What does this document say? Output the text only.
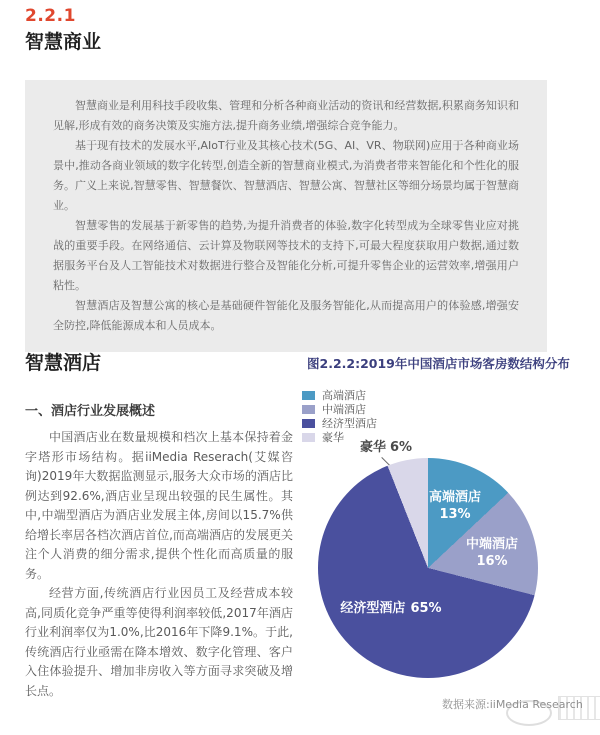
2.2.1
智慧商业

智慧商业是利用科技手段收集、管理和分析各种商业活动的资讯和经营数据,积累商务知识和见解,形成有效的商务决策及实施方法,提升商务业绩,增强综合竞争能力。

基于现有技术的发展水平,AIoT行业及其核心技术(5G、AI、VR、物联网)应用于各种商业场景中,推动各商业领域的数字化转型,创造全新的智慧商业模式,为消费者带来智能化和个性化的服务。广义上来说,智慧零售、智慧餐饮、智慧酒店、智慧公寓、智慧社区等细分场景均属于智慧商业。

智慧零售的发展基于新零售的趋势,为提升消费者的体验,数字化转型成为全球零售业应对挑战的重要手段。在网络通信、云计算及物联网等技术的支持下,可最大程度获取用户数据,通过数据服务平台及人工智能技术对数据进行整合及智能化分析,可提升零售企业的运营效率,增强用户粘性。

智慧酒店及智慧公寓的核心是基础硬件智能化及服务智能化,从而提高用户的体验感,增强安全防控,降低能源成本和人员成本。

智慧酒店
一、酒店行业发展概述

中国酒店业在数量规模和档次上基本保持着金字塔形市场结构。据iiMedia Reserach(艾媒咨询)2019年大数据监测显示,服务大众市场的酒店比例达到92.6%,酒店业呈现出较强的民生属性。其中,中端型酒店为酒店业发展主体,房间以15.7%供给增长率居各档次酒店首位,而高端酒店的发展更关注个人消费的细分需求,提供个性化而高质量的服务。

经营方面,传统酒店行业因员工及经营成本较高,同质化竞争严重等使得利润率较低,2017年酒店行业利润率仅为1.0%,比2016年下降9.1%。于此,传统酒店行业亟需在降本增效、数字化管理、客户入住体验提升、增加非房收入等方面寻求突破及增长点。

图2.2.2:2019年中国酒店市场客房数结构分布
高端酒店
中端酒店
经济型酒店
豪华
豪华 6%
高端酒店
13%
中端酒店
16%
经济型酒店 65%
数据来源:iiMedia Research
